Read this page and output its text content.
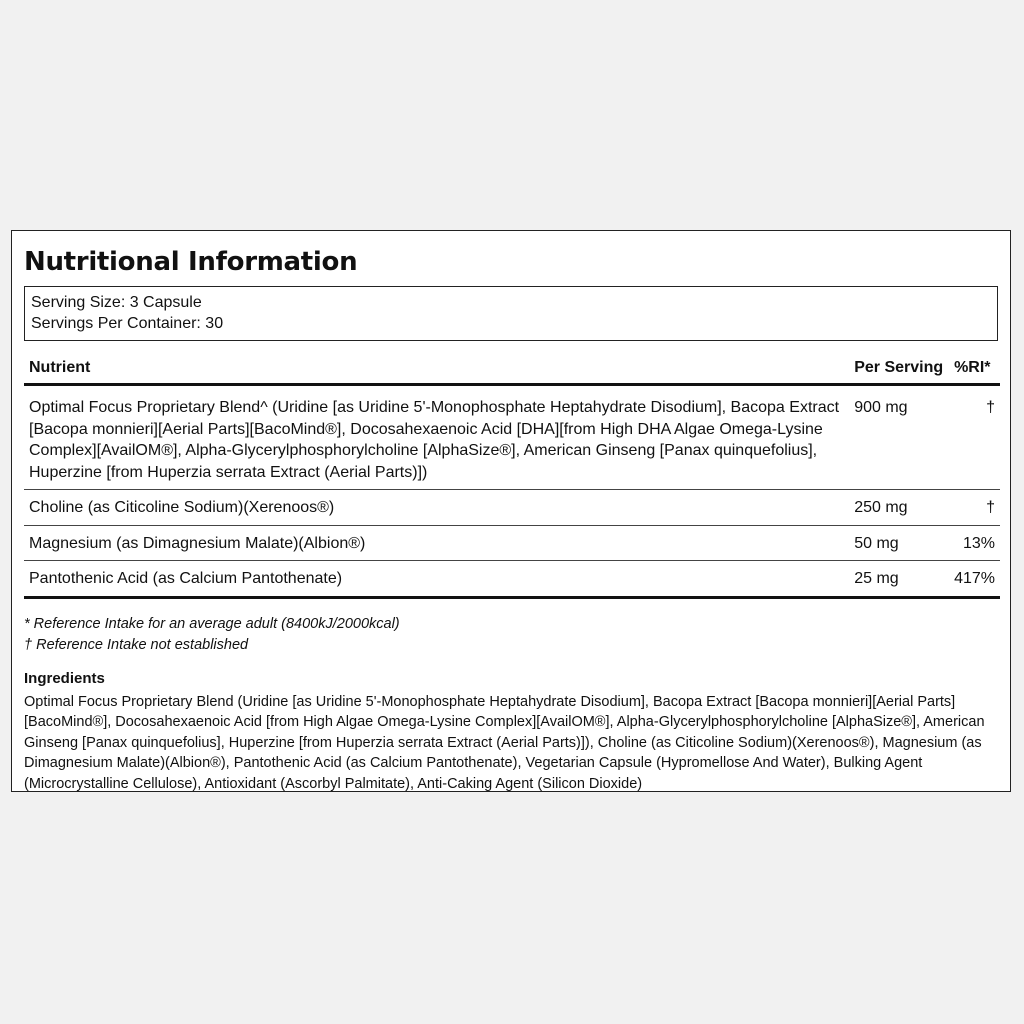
Nutritional Information
Serving Size: 3 Capsule
Servings Per Container: 30
Nutrient	Per Serving	%RI*
Optimal Focus Proprietary Blend^ (Uridine [as Uridine 5'-Monophosphate Heptahydrate Disodium], Bacopa Extract [Bacopa monnieri][Aerial Parts][BacoMind®], Docosahexaenoic Acid [DHA][from High DHA Algae Omega-Lysine Complex][AvailOM®], Alpha-Glycerylphosphorylcholine [AlphaSize®], American Ginseng [Panax quinquefolius], Huperzine [from Huperzia serrata Extract (Aerial Parts)])	900 mg	†
Choline (as Citicoline Sodium)(Xerenoos®)	250 mg	†
Magnesium (as Dimagnesium Malate)(Albion®)	50 mg	13%
Pantothenic Acid (as Calcium Pantothenate)	25 mg	417%
* Reference Intake for an average adult (8400kJ/2000kcal)
† Reference Intake not established
Ingredients
Optimal Focus Proprietary Blend (Uridine [as Uridine 5'-Monophosphate Heptahydrate Disodium], Bacopa Extract [Bacopa monnieri][Aerial Parts][BacoMind®], Docosahexaenoic Acid [from High Algae Omega-Lysine Complex][AvailOM®], Alpha-Glycerylphosphorylcholine [AlphaSize®], American Ginseng [Panax quinquefolius], Huperzine [from Huperzia serrata Extract (Aerial Parts)]), Choline (as Citicoline Sodium)(Xerenoos®), Magnesium (as Dimagnesium Malate)(Albion®), Pantothenic Acid (as Calcium Pantothenate), Vegetarian Capsule (Hypromellose And Water), Bulking Agent (Microcrystalline Cellulose), Antioxidant (Ascorbyl Palmitate), Anti-Caking Agent (Silicon Dioxide)
